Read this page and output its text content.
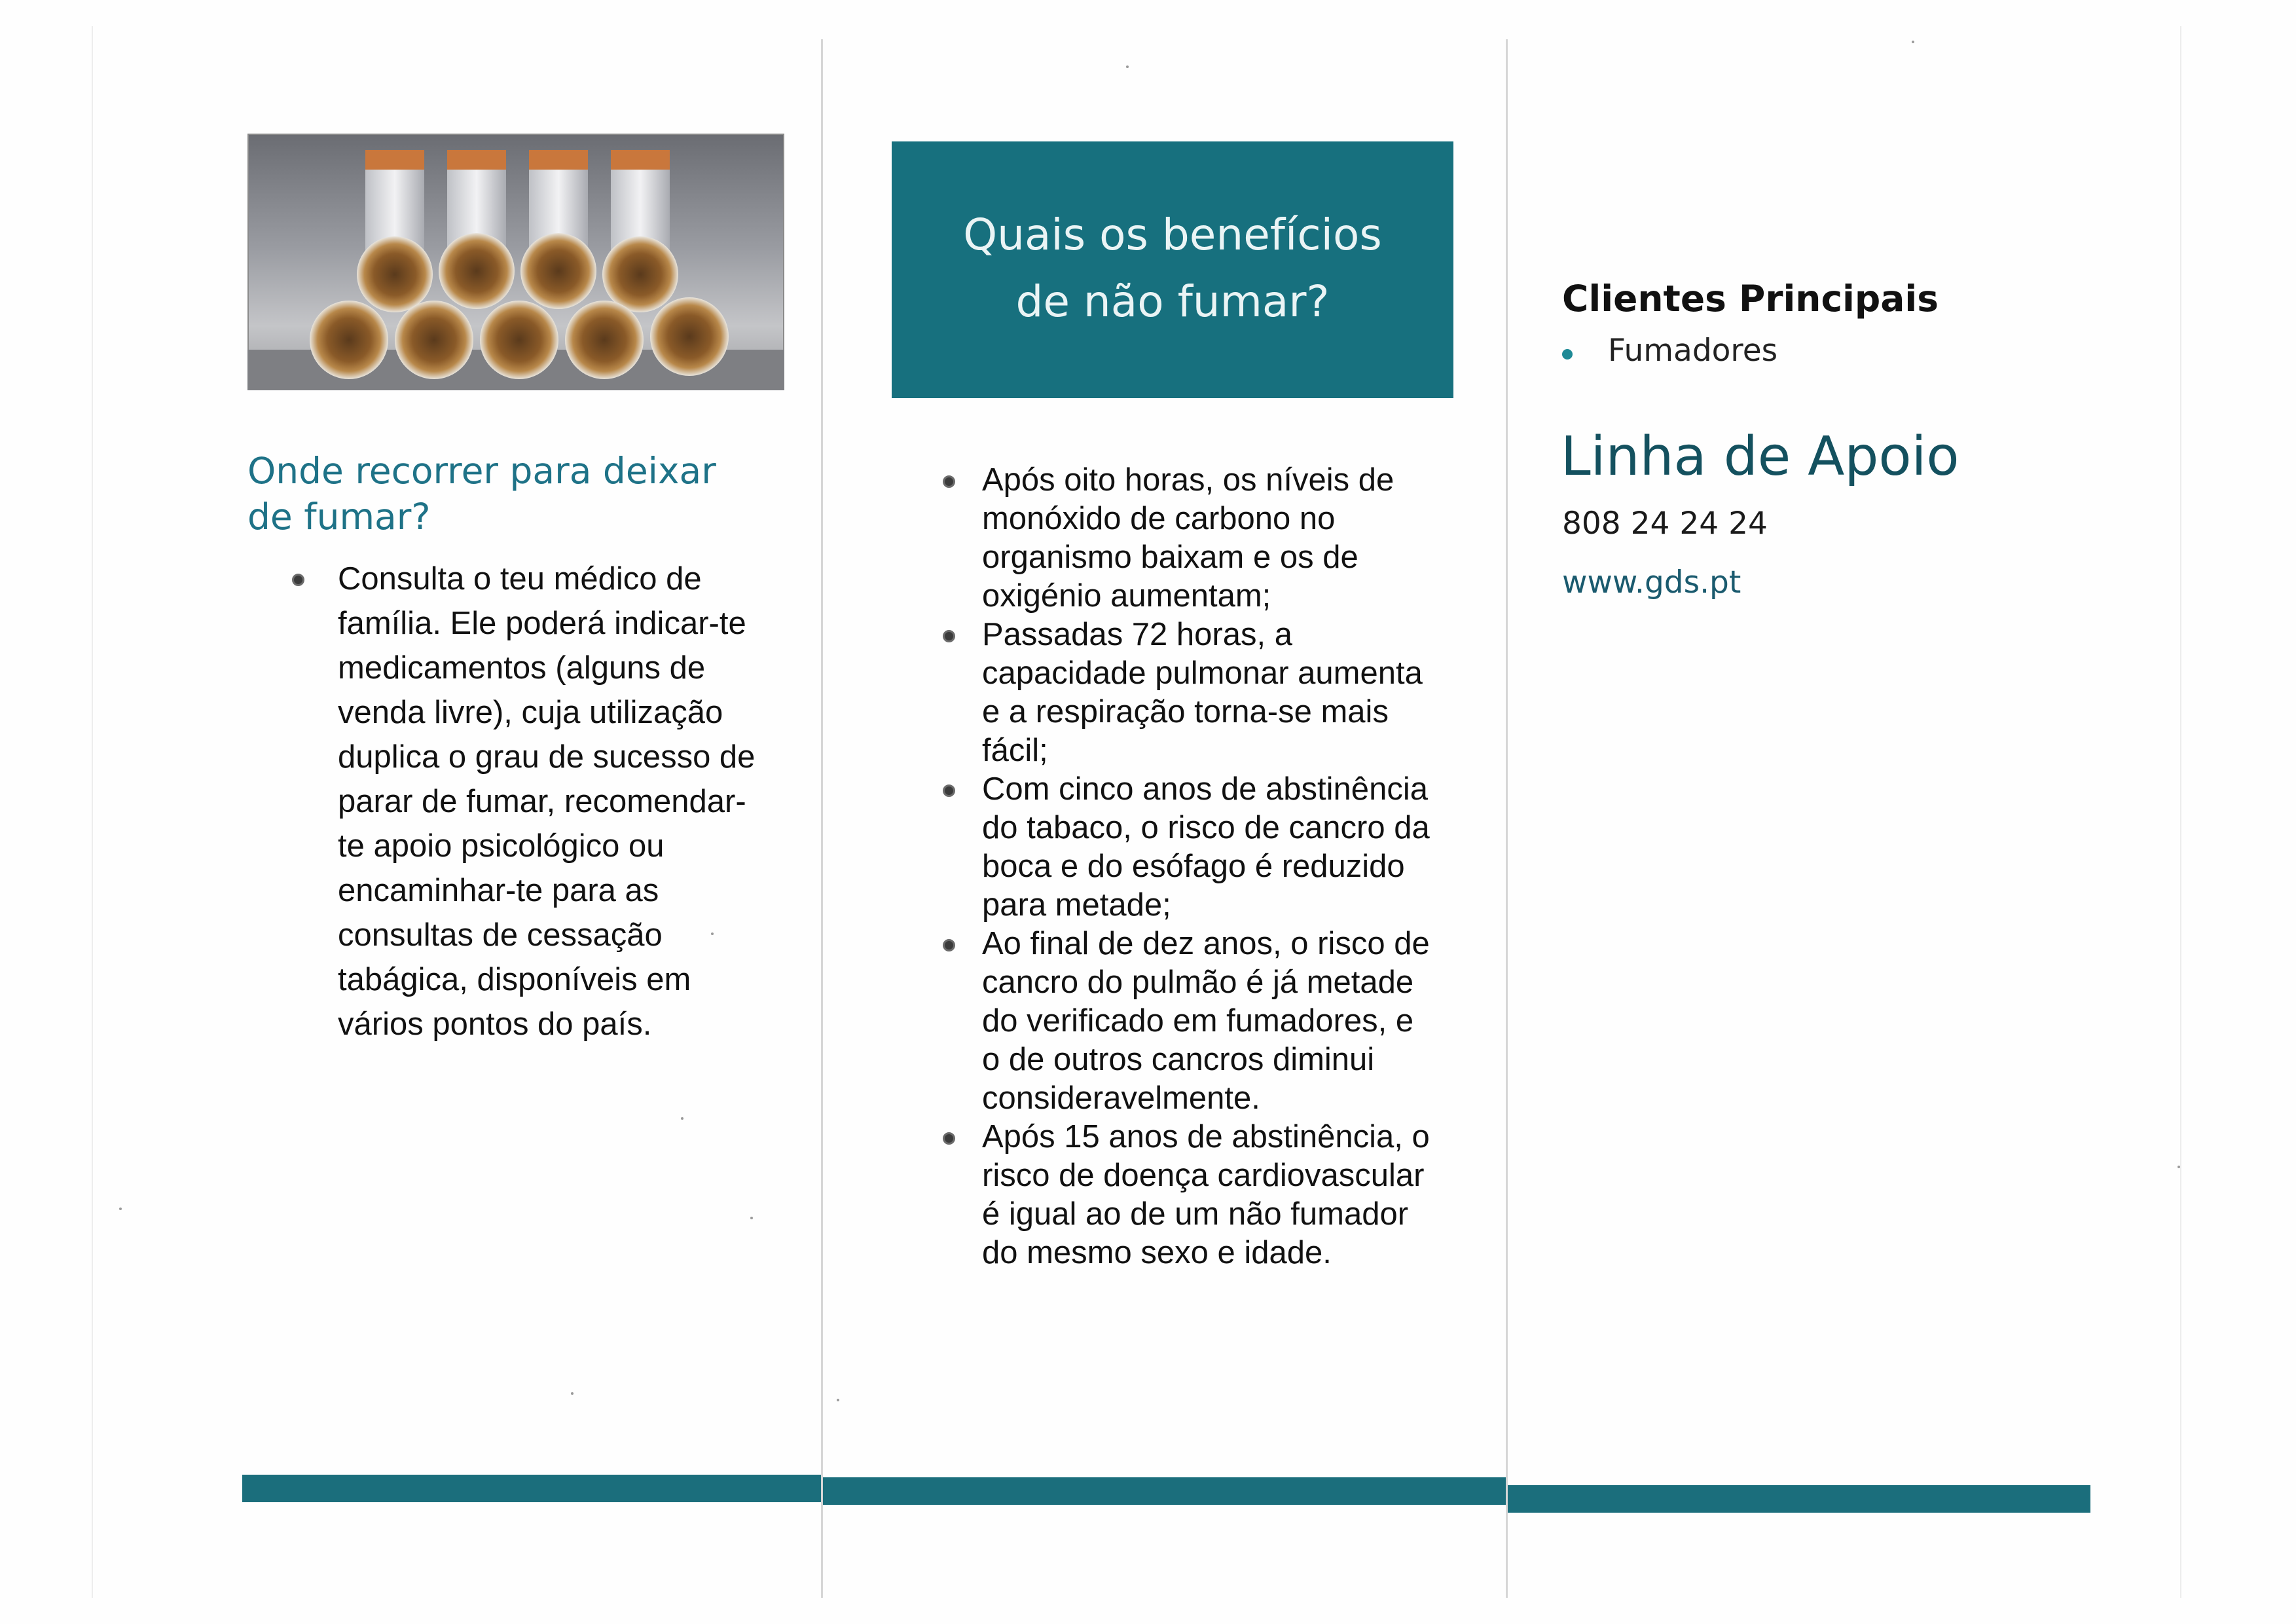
Onde recorrer para deixar
de fumar?
Consulta o teu médico de
família. Ele poderá indicar-te
medicamentos (alguns de
venda livre), cuja utilização
duplica o grau de sucesso de
parar de fumar, recomendar-
te apoio psicológico ou
encaminhar-te para as
consultas de cessação
tabágica, disponíveis em
vários pontos do país.
Quais os benefícios
de não fumar?
Após oito horas, os níveis de
monóxido de carbono no
organismo baixam e os de
oxigénio aumentam;
Passadas 72 horas, a
capacidade pulmonar aumenta
e a respiração torna-se mais
fácil;
Com cinco anos de abstinência
do tabaco, o risco de cancro da
boca e do esófago é reduzido
para metade;
Ao final de dez anos, o risco de
cancro do pulmão é já metade
do verificado em fumadores, e
o de outros cancros diminui
consideravelmente.
Após 15 anos de abstinência, o
risco de doença cardiovascular
é igual ao de um não fumador
do mesmo sexo e idade.
Clientes Principais
Fumadores
Linha de Apoio
808 24 24 24
www.gds.pt
